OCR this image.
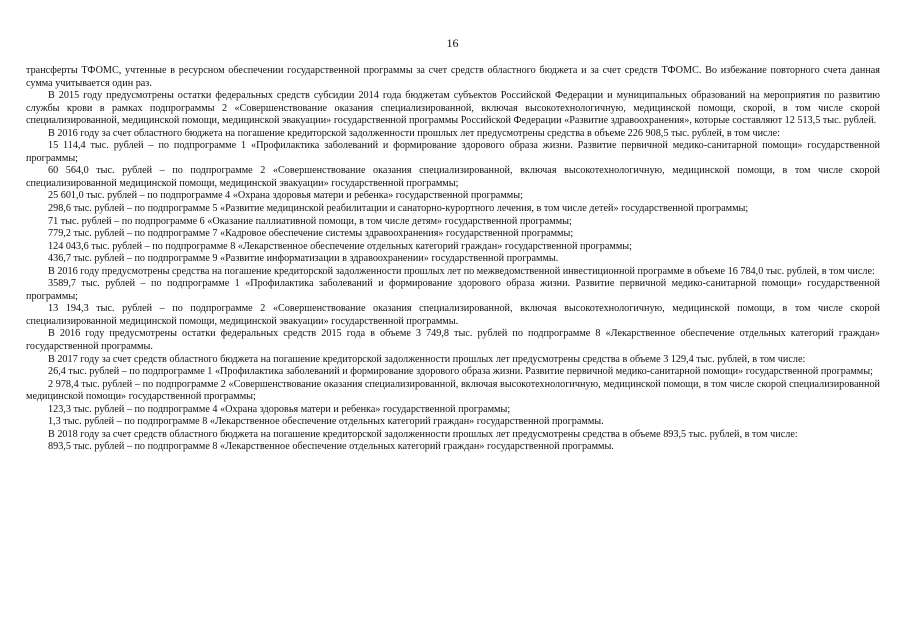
16

трансферты ТФОМС, учтенные в ресурсном обеспечении государственной программы за счет средств областного бюджета и за счет средств ТФОМС. Во избежание повторного счета данная сумма учитывается один раз.

В 2015 году предусмотрены остатки федеральных средств субсидии 2014 года бюджетам субъектов Российской Федерации и муниципальных образований на мероприятия по развитию службы крови в рамках подпрограммы 2 «Совершенствование оказания специализированной, включая высокотехнологичную, медицинской помощи, скорой, в том числе скорой специализированной, медицинской помощи, медицинской эвакуации» государственной программы Российской Федерации «Развитие здравоохранения», которые составляют 12 513,5 тыс. рублей.

В 2016 году за счет областного бюджета на погашение кредиторской задолженности прошлых лет предусмотрены средства в объеме 226 908,5 тыс. рублей, в том числе:

15 114,4 тыс. рублей – по подпрограмме 1 «Профилактика заболеваний и формирование здорового образа жизни. Развитие первичной медико-санитарной помощи» государственной программы;

60 564,0 тыс. рублей – по подпрограмме 2 «Совершенствование оказания специализированной, включая высокотехнологичную, медицинской помощи, в том числе скорой специализированной медицинской помощи, медицинской эвакуации» государственной программы;

25 601,0 тыс. рублей – по подпрограмме 4 «Охрана здоровья матери и ребенка» государственной программы;

298,6 тыс. рублей – по подпрограмме 5 «Развитие медицинской реабилитации и санаторно-курортного лечения, в том числе детей» государственной программы;

71 тыс. рублей – по подпрограмме 6 «Оказание паллиативной помощи, в том числе детям» государственной программы;

779,2 тыс. рублей – по подпрограмме 7 «Кадровое обеспечение системы здравоохранения» государственной программы;

124 043,6 тыс. рублей – по подпрограмме 8 «Лекарственное обеспечение отдельных категорий граждан» государственной программы;

436,7 тыс. рублей – по подпрограмме 9 «Развитие информатизации в здравоохранении» государственной программы.

В 2016 году предусмотрены средства на погашение кредиторской задолженности прошлых лет по межведомственной инвестиционной программе в объеме 16 784,0 тыс. рублей, в том числе:

3589,7 тыс. рублей – по подпрограмме 1 «Профилактика заболеваний и формирование здорового образа жизни. Развитие первичной медико-санитарной помощи» государственной программы;

13 194,3 тыс. рублей – по подпрограмме 2 «Совершенствование оказания специализированной, включая высокотехнологичную, медицинской помощи, в том числе скорой специализированной медицинской помощи, медицинской эвакуации» государственной программы.

В 2016 году предусмотрены остатки федеральных средств 2015 года в объеме 3 749,8 тыс. рублей по подпрограмме 8 «Лекарственное обеспечение отдельных категорий граждан» государственной программы.

В 2017 году за счет средств областного бюджета на погашение кредиторской задолженности прошлых лет предусмотрены средства в объеме 3 129,4 тыс. рублей, в том числе:

26,4 тыс. рублей – по подпрограмме 1 «Профилактика заболеваний и формирование здорового образа жизни. Развитие первичной медико-санитарной помощи» государственной программы;

2 978,4 тыс. рублей – по подпрограмме 2 «Совершенствование оказания специализированной, включая высокотехнологичную, медицинской помощи, в том числе скорой специализированной медицинской помощи» государственной программы;

123,3 тыс. рублей – по подпрограмме 4 «Охрана здоровья матери и ребенка» государственной программы;

1,3 тыс. рублей – по подпрограмме 8 «Лекарственное обеспечение отдельных категорий граждан» государственной программы.

В 2018 году за счет средств областного бюджета на погашение кредиторской задолженности прошлых лет предусмотрены средства в объеме 893,5 тыс. рублей, в том числе:

893,5 тыс. рублей – по подпрограмме 8 «Лекарственное обеспечение отдельных категорий граждан» государственной программы.
